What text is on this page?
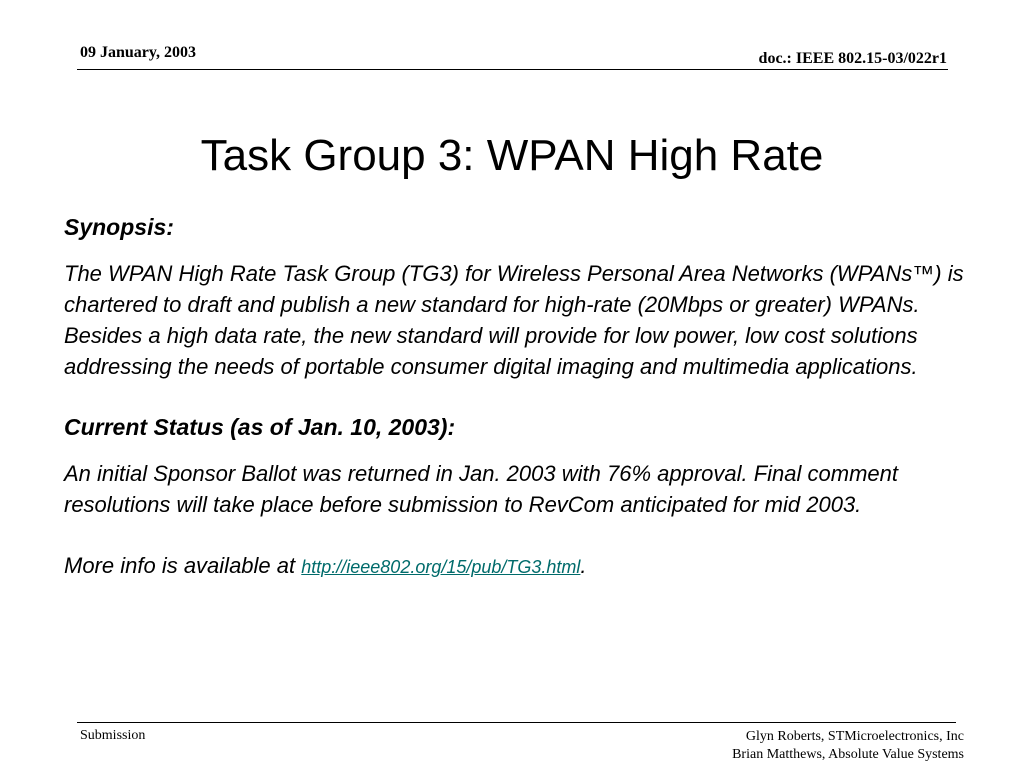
09 January, 2003	doc.: IEEE 802.15-03/022r1
Task Group 3: WPAN High Rate

Synopsis:

The WPAN High Rate Task Group (TG3) for Wireless Personal Area Networks (WPANs™) is chartered to draft and publish a new standard for high-rate (20Mbps or greater) WPANs. Besides a high data rate, the new standard will provide for low power, low cost solutions addressing the needs of portable consumer digital imaging and multimedia applications.

Current Status (as of Jan. 10, 2003):

An initial Sponsor Ballot was returned in Jan. 2003 with 76% approval. Final comment resolutions will take place before submission to RevCom anticipated for mid 2003.

More info is available at http://ieee802.org/15/pub/TG3.html.

Submission	Glyn Roberts, STMicroelectronics, Inc
Brian Matthews, Absolute Value Systems
